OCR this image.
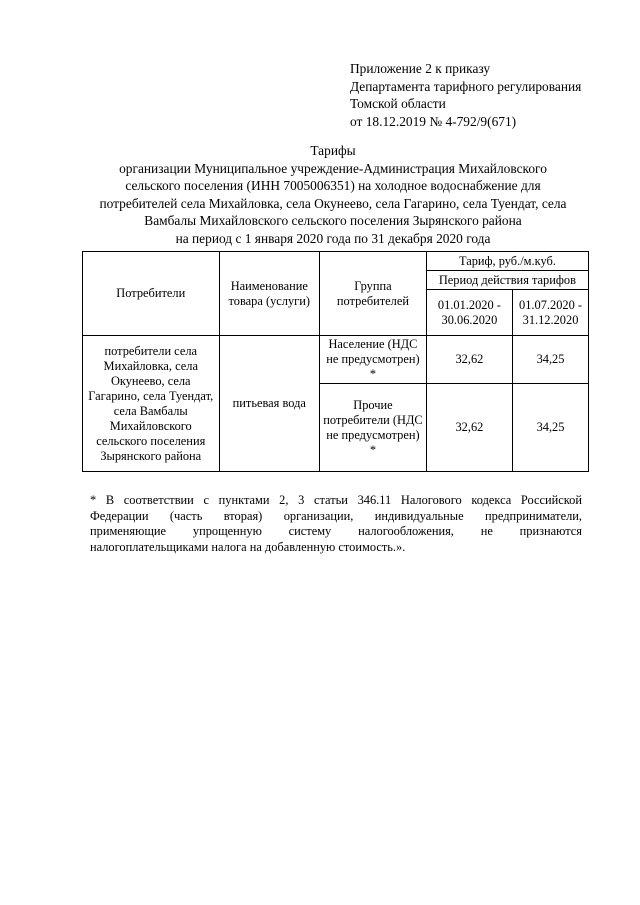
Приложение 2 к приказу
Департамента тарифного регулирования
Томской области
от 18.12.2019 № 4-792/9(671)
Тарифы
организации Муниципальное учреждение-Администрация Михайловского
сельского поселения (ИНН 7005006351) на холодное водоснабжение для
потребителей села Михайловка, села Окунеево, села Гагарино, села Туендат, села
Вамбалы Михайловского сельского поселения Зырянского района
на период с 1 января 2020 года по 31 декабря 2020 года
Потребители	Наименование товара (услуги)	Группа потребителей	Тариф, руб./м.куб.	
			Период действия тарифов	
			01.01.2020 - 30.06.2020	01.07.2020 - 31.12.2020
потребители села Михайловка, села Окунеево, села Гагарино, села Туендат, села Вамбалы Михайловского сельского поселения Зырянского района	питьевая вода	Население (НДС не предусмотрен) *	32,62	34,25
		Прочие потребители (НДС не предусмотрен) *	32,62	34,25
* В соответствии с пунктами 2, 3 статьи 346.11 Налогового кодекса Российской
Федерации (часть вторая) организации, индивидуальные предприниматели,
применяющие упрощенную систему налогообложения, не признаются
налогоплательщиками налога на добавленную стоимость.».
